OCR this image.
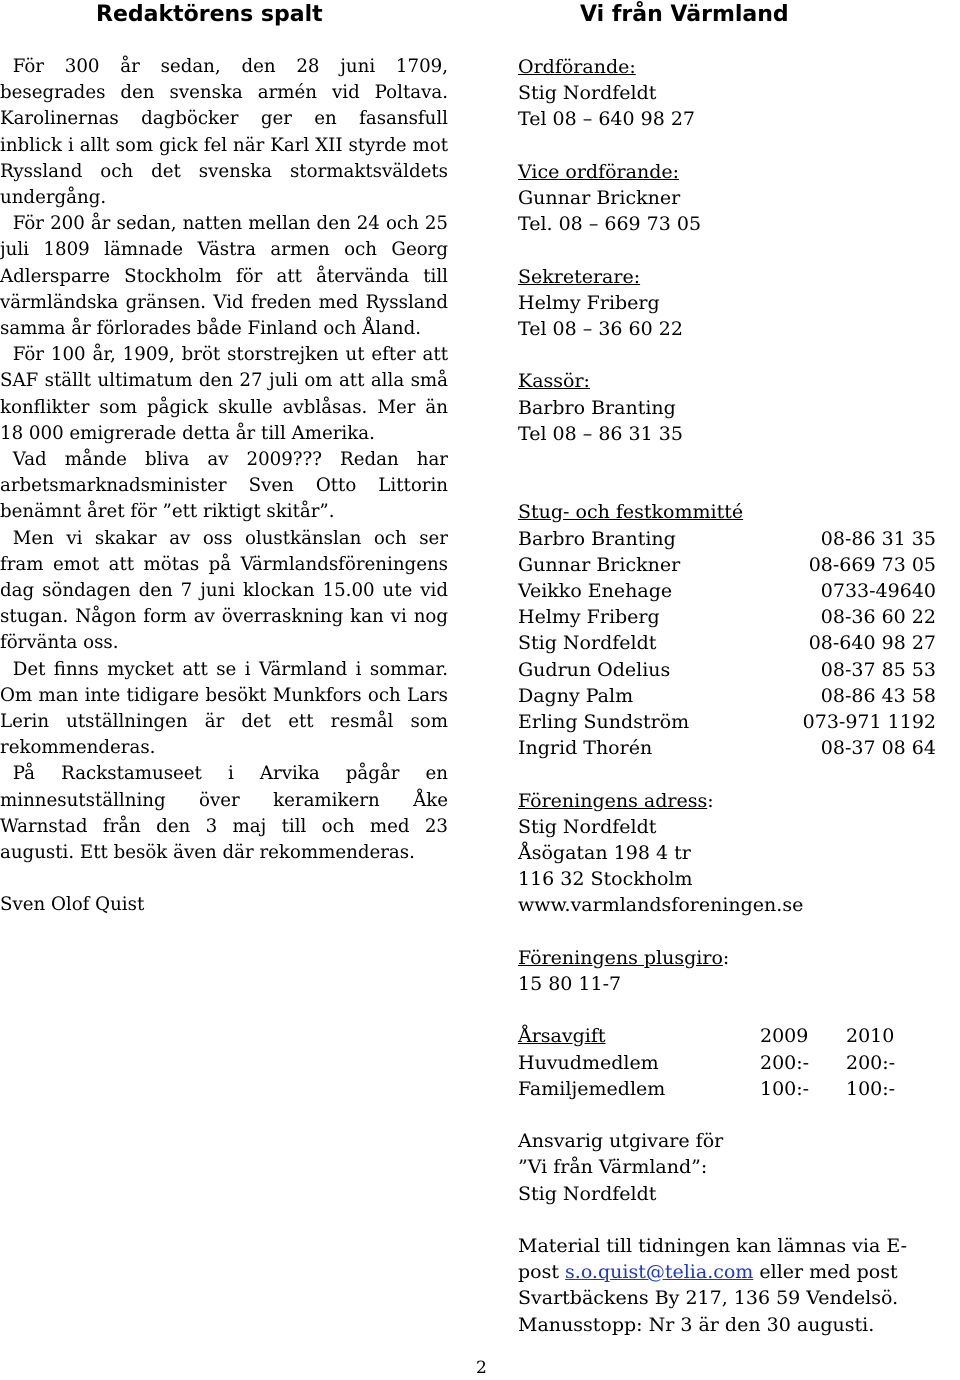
Redaktörens spalt

För 300 år sedan, den 28 juni 1709, besegrades den svenska armén vid Poltava. Karolinernas dagböcker ger en fasansfull inblick i allt som gick fel när Karl XII styrde mot Ryssland och det svenska stormaktsväldets undergång.

För 200 år sedan, natten mellan den 24 och 25 juli 1809 lämnade Västra armen och Georg Adlersparre Stockholm för att återvända till värmländska gränsen. Vid freden med Ryssland samma år förlorades både Finland och Åland.

För 100 år, 1909, bröt storstrejken ut efter att SAF ställt ultimatum den 27 juli om att alla små konflikter som pågick skulle avblåsas. Mer än 18 000 emigrerade detta år till Amerika.

Vad månde bliva av 2009??? Redan har arbetsmarknadsminister Sven Otto Littorin benämnt året för ”ett riktigt skitår”.

Men vi skakar av oss olustkänslan och ser fram emot att mötas på Värmlandsföreningens dag söndagen den 7 juni klockan 15.00 ute vid stugan. Någon form av överraskning kan vi nog förvänta oss.

Det finns mycket att se i Värmland i sommar. Om man inte tidigare besökt Munkfors och Lars Lerin utställningen är det ett resmål som rekommenderas.

På Rackstamuseet i Arvika pågår en minnesutställning över keramikern Åke Warnstad från den 3 maj till och med 23 augusti. Ett besök även där rekommenderas.

Sven Olof Quist

Vi från Värmland
Ordförande:
Stig Nordfeldt
Tel 08 – 640 98 27
Vice ordförande:
Gunnar Brickner
Tel. 08 – 669 73 05
Sekreterare:
Helmy Friberg
Tel 08 – 36 60 22
Kassör:
Barbro Branting
Tel 08 – 86 31 35
Stug- och festkommitté
Barbro Branting	08-86 31 35
Gunnar Brickner	08-669 73 05
Veikko Enehage	0733-49640
Helmy Friberg	08-36 60 22
Stig Nordfeldt	08-640 98 27
Gudrun Odelius	08-37 85 53
Dagny Palm	08-86 43 58
Erling Sundström	073-971 1192
Ingrid Thorén	08-37 08 64
Föreningens adress:
Stig Nordfeldt
Åsögatan 198 4 tr
116 32 Stockholm
www.varmlandsforeningen.se
Föreningens plusgiro:
15 80 11-7
Årsavgift	2009	2010
Huvudmedlem	200:-	200:-
Familjemedlem	100:-	100:-
Ansvarig utgivare för
”Vi från Värmland”:
Stig Nordfeldt
Material till tidningen kan lämnas via E-
post s.o.quist@telia.com eller med post
Svartbäckens By 217, 136 59 Vendelsö.
Manusstopp: Nr 3 är den 30 augusti.
2
